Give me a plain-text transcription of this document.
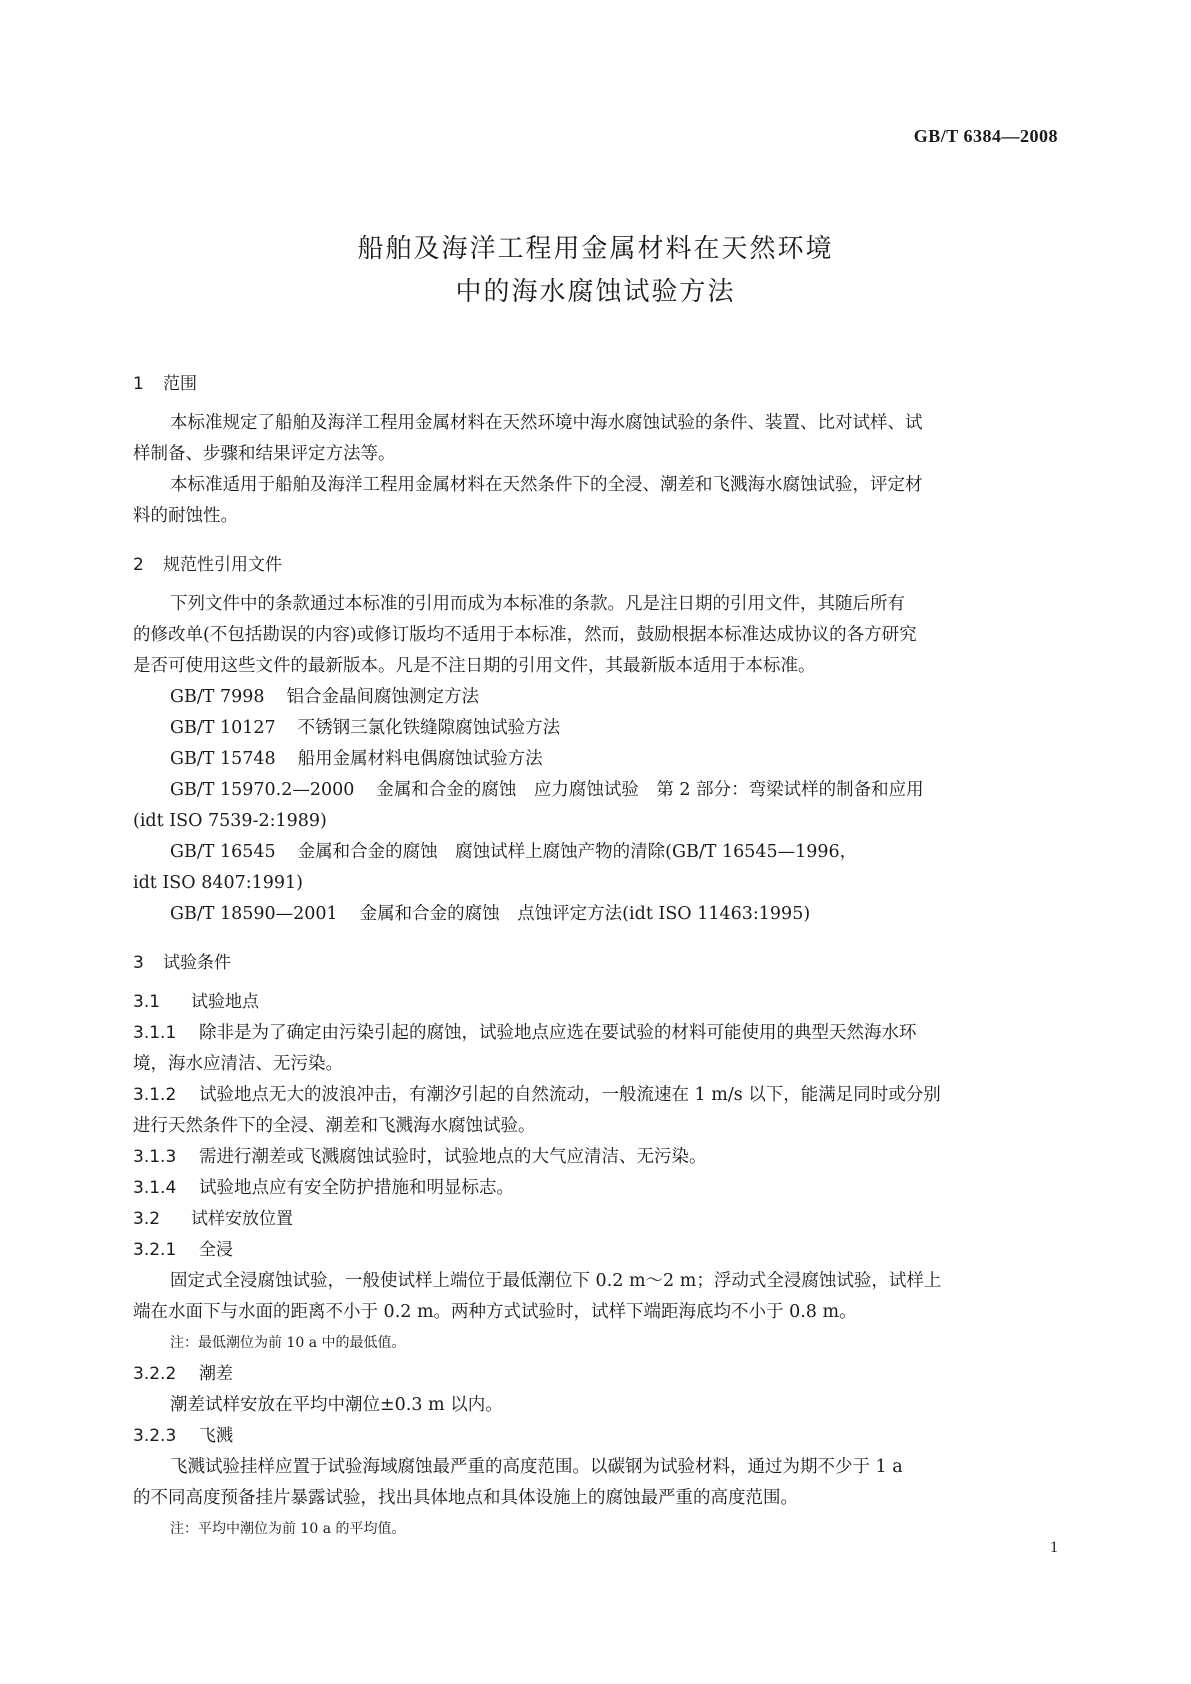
GB/T 6384—2008
船舶及海洋工程用金属材料在天然环境
中的海水腐蚀试验方法
1 范围
本标准规定了船舶及海洋工程用金属材料在天然环境中海水腐蚀试验的条件、装置、比对试样、试
样制备、步骤和结果评定方法等。
本标准适用于船舶及海洋工程用金属材料在天然条件下的全浸、潮差和飞溅海水腐蚀试验，评定材
料的耐蚀性。
2 规范性引用文件
下列文件中的条款通过本标准的引用而成为本标准的条款。凡是注日期的引用文件，其随后所有
的修改单(不包括勘误的内容)或修订版均不适用于本标准，然而，鼓励根据本标准达成协议的各方研究
是否可使用这些文件的最新版本。凡是不注日期的引用文件，其最新版本适用于本标准。
GB/T 7998 铝合金晶间腐蚀测定方法
GB/T 10127 不锈钢三氯化铁缝隙腐蚀试验方法
GB/T 15748 船用金属材料电偶腐蚀试验方法
GB/T 15970.2—2000 金属和合金的腐蚀　应力腐蚀试验　第 2 部分：弯梁试样的制备和应用
(idt ISO 7539-2:1989)
GB/T 16545 金属和合金的腐蚀　腐蚀试样上腐蚀产物的清除(GB/T 16545—1996，
idt ISO 8407:1991)
GB/T 18590—2001 金属和合金的腐蚀　点蚀评定方法(idt ISO 11463:1995)
3 试验条件
3.1 试验地点
3.1.1 除非是为了确定由污染引起的腐蚀，试验地点应选在要试验的材料可能使用的典型天然海水环
境，海水应清洁、无污染。
3.1.2 试验地点无大的波浪冲击，有潮汐引起的自然流动，一般流速在 1 m/s 以下，能满足同时或分别
进行天然条件下的全浸、潮差和飞溅海水腐蚀试验。
3.1.3 需进行潮差或飞溅腐蚀试验时，试验地点的大气应清洁、无污染。
3.1.4 试验地点应有安全防护措施和明显标志。
3.2 试样安放位置
3.2.1 全浸
固定式全浸腐蚀试验，一般使试样上端位于最低潮位下 0.2 m～2 m；浮动式全浸腐蚀试验，试样上
端在水面下与水面的距离不小于 0.2 m。两种方式试验时，试样下端距海底均不小于 0.8 m。
注：最低潮位为前 10 a 中的最低值。
3.2.2 潮差
潮差试样安放在平均中潮位±0.3 m 以内。
3.2.3 飞溅
飞溅试验挂样应置于试验海域腐蚀最严重的高度范围。以碳钢为试验材料，通过为期不少于 1 a
的不同高度预备挂片暴露试验，找出具体地点和具体设施上的腐蚀最严重的高度范围。
注：平均中潮位为前 10 a 的平均值。
1
